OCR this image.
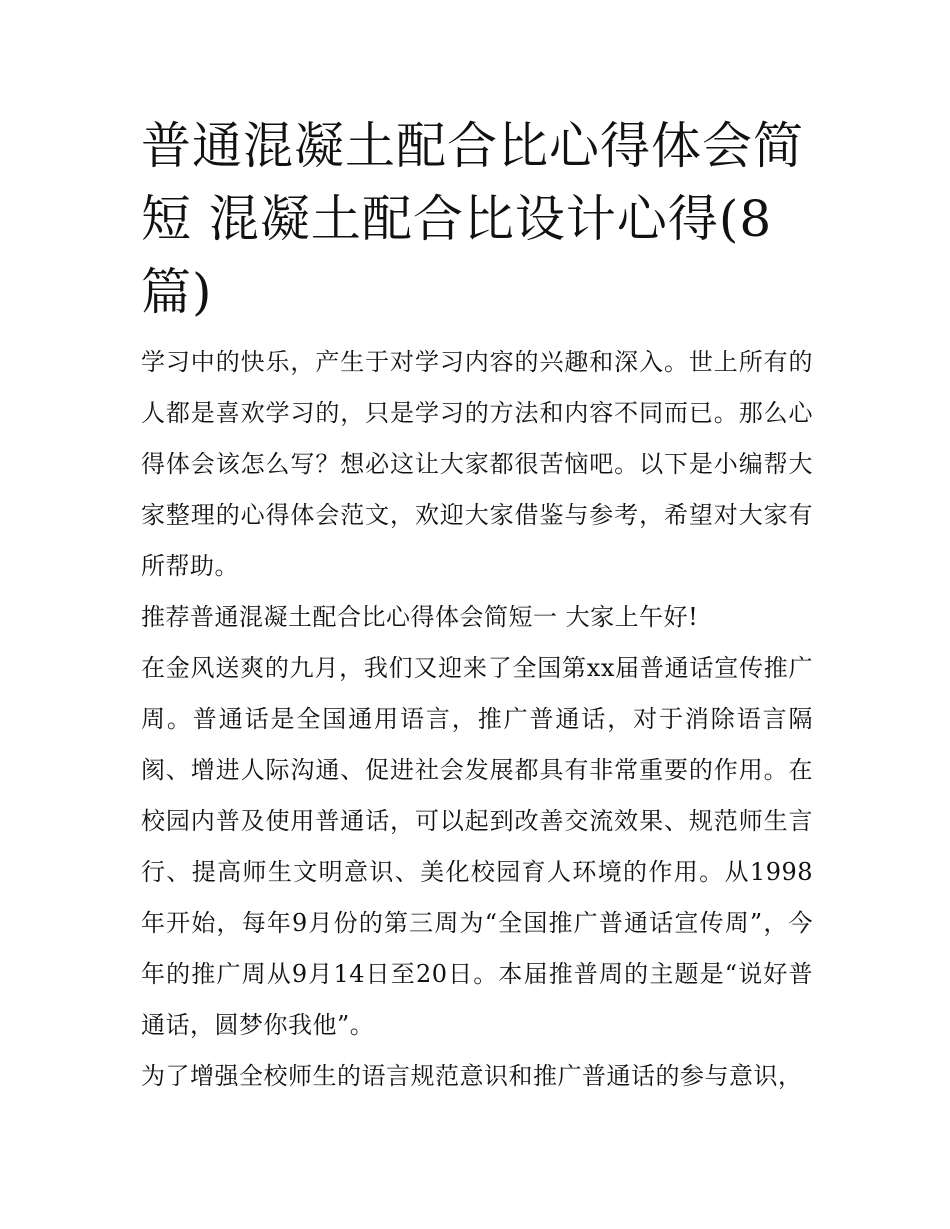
普通混凝土配合比心得体会简短 混凝土配合比设计心得(8篇)

学习中的快乐，产生于对学习内容的兴趣和深入。世上所有的人都是喜欢学习的，只是学习的方法和内容不同而已。那么心得体会该怎么写？想必这让大家都很苦恼吧。以下是小编帮大家整理的心得体会范文，欢迎大家借鉴与参考，希望对大家有所帮助。

推荐普通混凝土配合比心得体会简短一 大家上午好!

在金风送爽的九月，我们又迎来了全国第xx届普通话宣传推广周。普通话是全国通用语言，推广普通话，对于消除语言隔阂、增进人际沟通、促进社会发展都具有非常重要的作用。在校园内普及使用普通话，可以起到改善交流效果、规范师生言行、提高师生文明意识、美化校园育人环境的作用。从1998年开始，每年9月份的第三周为“全国推广普通话宣传周”，今年的推广周从9月14日至20日。本届推普周的主题是“说好普通话，圆梦你我他”。

为了增强全校师生的语言规范意识和推广普通话的参与意识，
